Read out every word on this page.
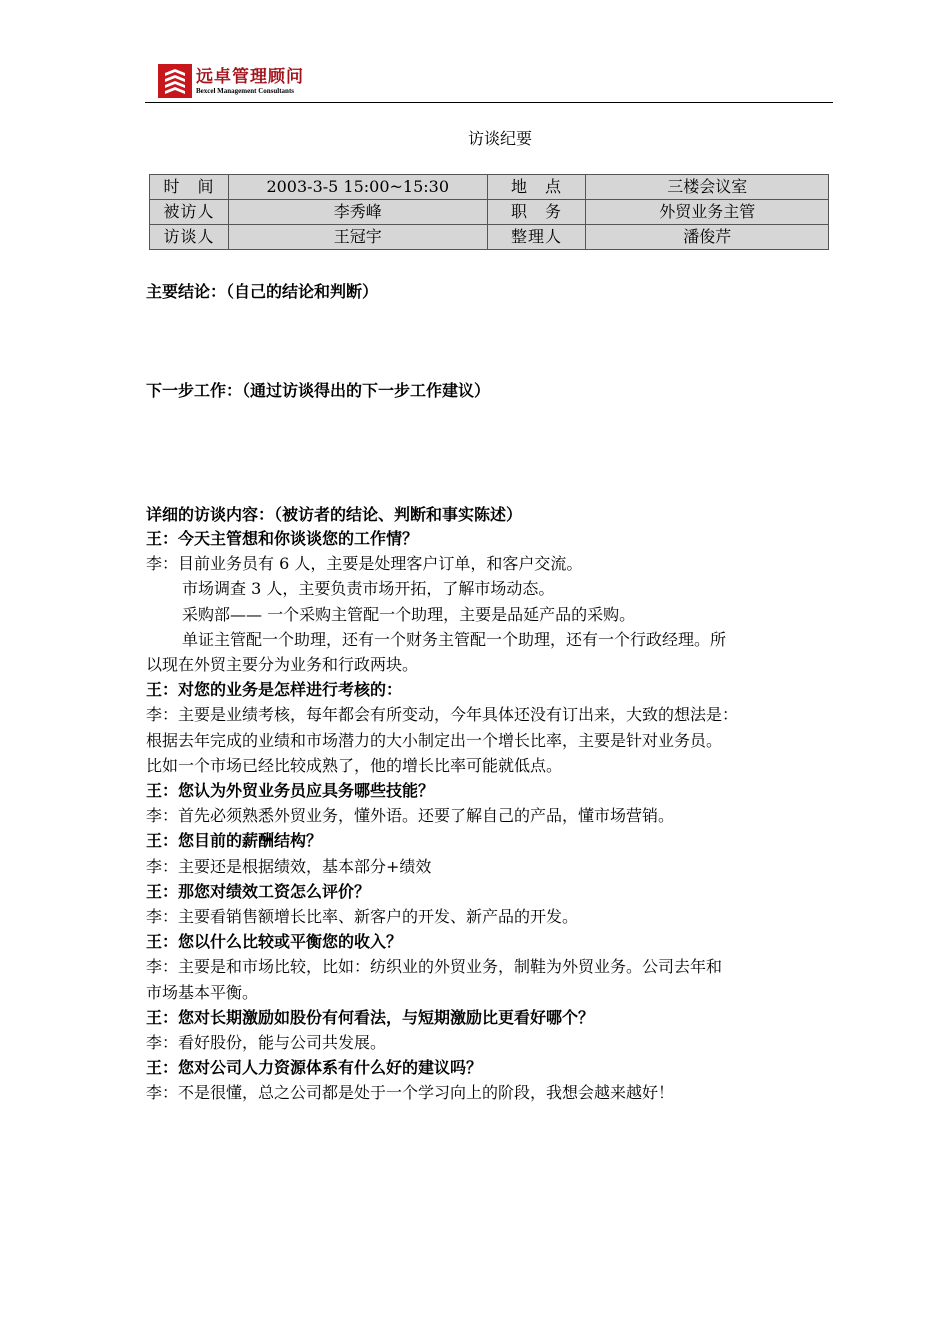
远卓管理顾问
Bexcel Management Consultants
访谈纪要
时　间	2003-3-5 15:00~15:30	地　点	三楼会议室
被访人	李秀峰	职　务	外贸业务主管
访谈人	王冠宇	整理人	潘俊芹
主要结论：（自己的结论和判断）
下一步工作：（通过访谈得出的下一步工作建议）
详细的访谈内容：（被访者的结论、判断和事实陈述）

王：今天主管想和你谈谈您的工作情？

李：目前业务员有 6 人，主要是处理客户订单，和客户交流。

市场调查 3 人，主要负责市场开拓，了解市场动态。

采购部—— 一个采购主管配一个助理，主要是品延产品的采购。

单证主管配一个助理，还有一个财务主管配一个助理，还有一个行政经理。所

以现在外贸主要分为业务和行政两块。

王：对您的业务是怎样进行考核的：

李：主要是业绩考核，每年都会有所变动，今年具体还没有订出来，大致的想法是：

根据去年完成的业绩和市场潜力的大小制定出一个增长比率，主要是针对业务员。

比如一个市场已经比较成熟了，他的增长比率可能就低点。

王：您认为外贸业务员应具务哪些技能？

李：首先必须熟悉外贸业务，懂外语。还要了解自己的产品，懂市场营销。

王：您目前的薪酬结构？

李：主要还是根据绩效，基本部分+绩效

王：那您对绩效工资怎么评价？

李：主要看销售额增长比率、新客户的开发、新产品的开发。

王：您以什么比较或平衡您的收入？

李：主要是和市场比较，比如：纺织业的外贸业务，制鞋为外贸业务。公司去年和

市场基本平衡。

王：您对长期激励如股份有何看法，与短期激励比更看好哪个？

李：看好股份，能与公司共发展。

王：您对公司人力资源体系有什么好的建议吗？

李：不是很懂，总之公司都是处于一个学习向上的阶段，我想会越来越好！
